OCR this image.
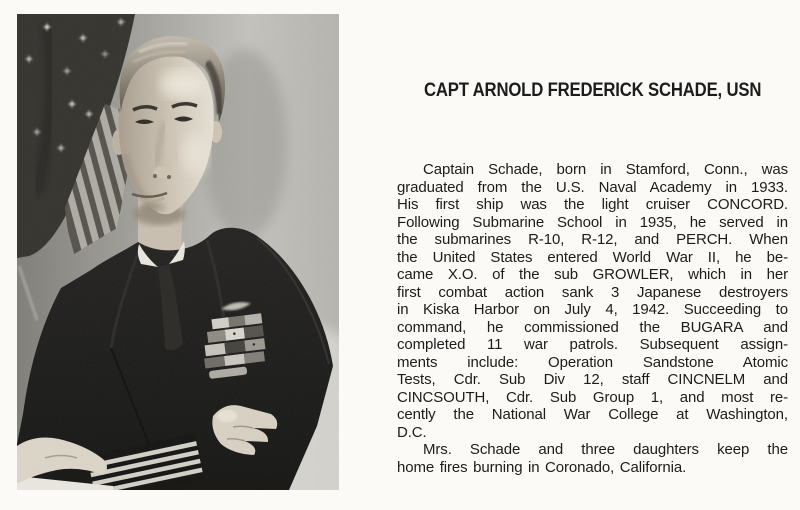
CAPT ARNOLD FREDERICK SCHADE, USN
Captain Schade, born in Stamford, Conn., was
graduated from the U.S. Naval Academy in 1933.
His first ship was the light cruiser CONCORD.
Following Submarine School in 1935, he served in
the submarines R-10, R-12, and PERCH. When
the United States entered World War II, he be-
came X.O. of the sub GROWLER, which in her
first combat action sank 3 Japanese destroyers
in Kiska Harbor on July 4, 1942. Succeeding to
command, he commissioned the BUGARA and
completed 11 war patrols. Subsequent assign-
ments include: Operation Sandstone Atomic
Tests, Cdr. Sub Div 12, staff CINCNELM and
CINCSOUTH, Cdr. Sub Group 1, and most re-
cently the National War College at Washington,
D.C.
Mrs. Schade and three daughters keep the
home fires burning in Coronado, California.
